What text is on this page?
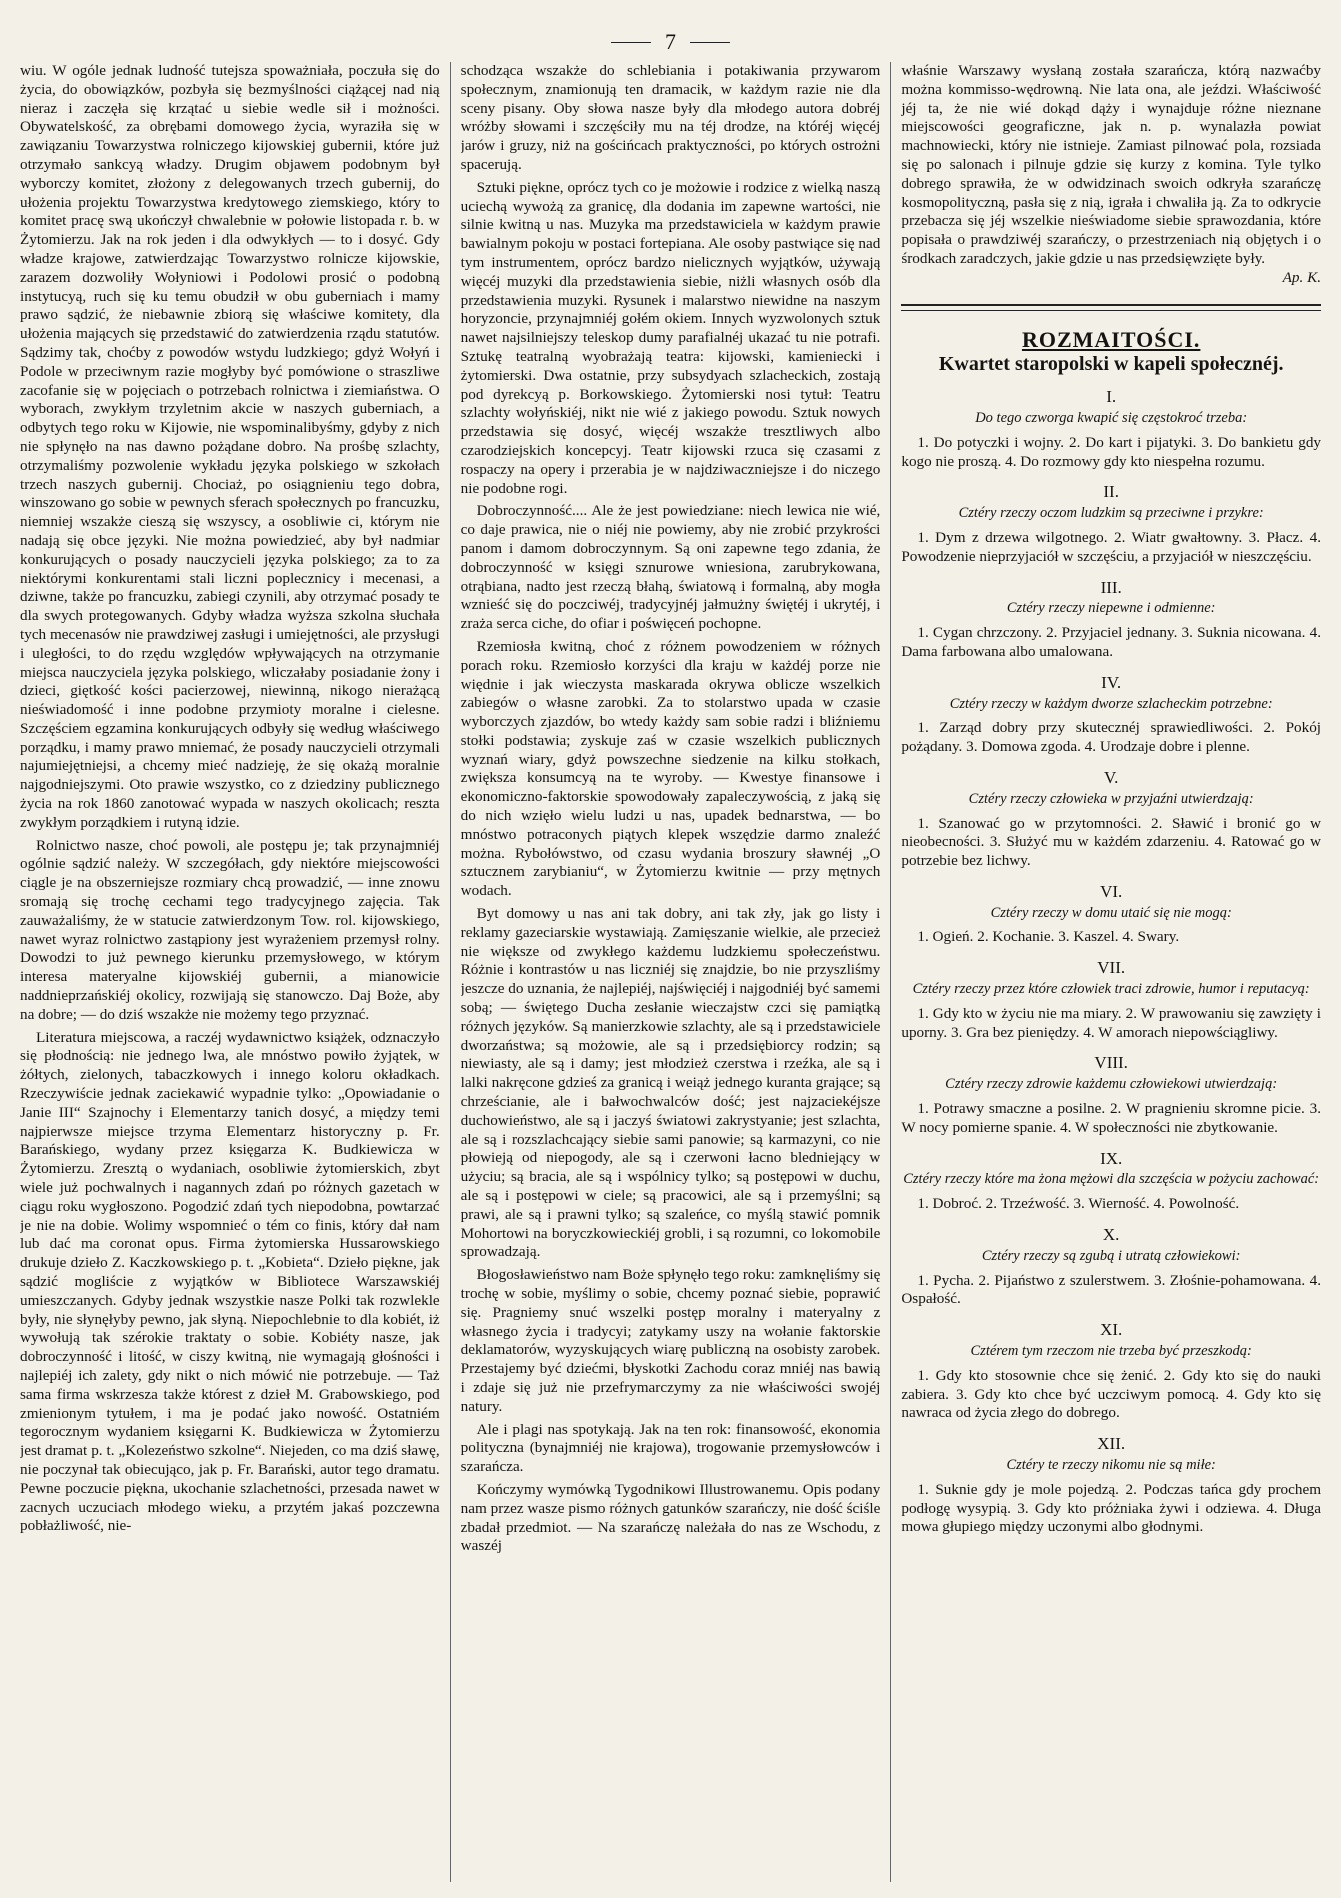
7

wiu. W ogóle jednak ludność tutejsza spoważniała, poczuła się do życia, do obowiązków, pozbyła się bezmyślności ciążącej nad nią nieraz i zaczęła się krzątać u siebie wedle sił i możności. Obywatelskość, za obrębami domowego życia, wyraziła się w zawiązaniu Towarzystwa rolniczego kijowskiej gubernii, które już otrzymało sankcyą władzy. Drugim objawem podobnym był wyborczy komitet, złożony z delegowanych trzech gubernij, do ułożenia projektu Towarzystwa kredytowego ziemskiego, który to komitet pracę swą ukończył chwalebnie w połowie listopada r. b. w Żytomierzu. Jak na rok jeden i dla odwykłych — to i dosyć. Gdy władze krajowe, zatwierdzając Towarzystwo rolnicze kijowskie, zarazem dozwoliły Wołyniowi i Podolowi prosić o podobną instytucyą, ruch się ku temu obudził w obu guberniach i mamy prawo sądzić, że niebawnie zbiorą się właściwe komitety, dla ułożenia mających się przedstawić do zatwierdzenia rządu statutów. Sądzimy tak, choćby z powodów wstydu ludzkiego; gdyż Wołyń i Podole w przeciwnym razie mogłyby być pomówione o straszliwe zacofanie się w pojęciach o potrzebach rolnictwa i ziemiaństwa. O wyborach, zwykłym trzyletnim akcie w naszych guberniach, a odbytych tego roku w Kijowie, nie wspominalibyśmy, gdyby z nich nie spłynęło na nas dawno pożądane dobro. Na prośbę szlachty, otrzymaliśmy pozwolenie wykładu języka polskiego w szkołach trzech naszych gubernij. Chociaż, po osiągnieniu tego dobra, winszowano go sobie w pewnych sferach społecznych po francuzku, niemniej wszakże cieszą się wszyscy, a osobliwie ci, którym nie nadają się obce języki. Nie można powiedzieć, aby był nadmiar konkurujących o posady nauczycieli języka polskiego; za to za niektórymi konkurentami stali liczni poplecznicy i mecenasi, a dziwne, także po francuzku, zabiegi czynili, aby otrzymać posady te dla swych protegowanych. Gdyby władza wyższa szkolna słuchała tych mecenasów nie prawdziwej zasługi i umiejętności, ale przysługi i uległości, to do rzędu względów wpływających na otrzymanie miejsca nauczyciela języka polskiego, wliczałaby posiadanie żony i dzieci, giętkość kości pacierzowej, niewinną, nikogo nierażącą nieświadomość i inne podobne przymioty moralne i cielesne. Szczęściem egzamina konkurujących odbyły się według właściwego porządku, i mamy prawo mniemać, że posady nauczycieli otrzymali najumiejętniejsi, a chcemy mieć nadzieję, że się okażą moralnie najgodniejszymi. Oto prawie wszystko, co z dziedziny publicznego życia na rok 1860 zanotować wypada w naszych okolicach; reszta zwykłym porządkiem i rutyną idzie.

Rolnictwo nasze, choć powoli, ale postępu je; tak przynajmniéj ogólnie sądzić należy. W szczegółach, gdy niektóre miejscowości ciągle je na obszerniejsze rozmiary chcą prowadzić, — inne znowu sromają się trochę cechami tego tradycyjnego zajęcia. Tak zauważaliśmy, że w statucie zatwierdzonym Tow. rol. kijowskiego, nawet wyraz rolnictwo zastąpiony jest wyrażeniem przemysł rolny. Dowodzi to już pewnego kierunku przemysłowego, w którym interesa materyalne kijowskiéj gubernii, a mianowicie naddnieprzańskiéj okolicy, rozwijają się stanowczo. Daj Boże, aby na dobre; — do dziś wszakże nie możemy tego przyznać.

Literatura miejscowa, a raczéj wydawnictwo książek, odznaczyło się płodnością: nie jednego lwa, ale mnóstwo powiło żyjątek, w żółtych, zielonych, tabaczkowych i innego koloru okładkach. Rzeczywiście jednak zaciekawić wypadnie tylko: „Opowiadanie o Janie III“ Szajnochy i Elementarzy tanich dosyć, a między temi najpierwsze miejsce trzyma Elementarz historyczny p. Fr. Barańskiego, wydany przez księgarza K. Budkiewicza w Żytomierzu. Zresztą o wydaniach, osobliwie żytomierskich, zbyt wiele już pochwalnych i nagannych zdań po różnych gazetach w ciągu roku wygłoszono. Pogodzić zdań tych niepodobna, powtarzać je nie na dobie. Wolimy wspomnieć o tém co finis, który dał nam lub dać ma coronat opus. Firma żytomierska Hussarowskiego drukuje dzieło Z. Kaczkowskiego p. t. „Kobieta“. Dzieło piękne, jak sądzić mogliście z wyjątków w Bibliotece Warszawskiéj umieszczanych. Gdyby jednak wszystkie nasze Polki tak rozwlekle były, nie słynęłyby pewno, jak słyną. Niepochlebnie to dla kobiét, iż wywołują tak szérokie traktaty o sobie. Kobiéty nasze, jak dobroczynność i litość, w ciszy kwitną, nie wymagają głośności i najlepiéj ich zalety, gdy nikt o nich mówić nie potrzebuje. — Taż sama firma wskrzesza także którest z dzieł M. Grabowskiego, pod zmienionym tytułem, i ma je podać jako nowość. Ostatniém tegorocznym wydaniem księgarni K. Budkiewicza w Żytomierzu jest dramat p. t. „Kolezeństwo szkolne“. Niejeden, co ma dziś sławę, nie poczynał tak obiecująco, jak p. Fr. Barański, autor tego dramatu. Pewne poczucie piękna, ukochanie szlachetności, przesada nawet w zacnych uczuciach młodego wieku, a przytém jakaś pozczewna pobłażliwość, nie-

schodząca wszakże do schlebiania i potakiwania przywarom społecznym, znamionują ten dramacik, w każdym razie nie dla sceny pisany. Oby słowa nasze były dla młodego autora dobréj wróżby słowami i szczęściły mu na téj drodze, na któréj więcéj jarów i gruzy, niż na gościńcach praktyczności, po których ostrożni spacerują.

Sztuki piękne, oprócz tych co je możowie i rodzice z wielką naszą uciechą wywożą za granicę, dla dodania im zapewne wartości, nie silnie kwitną u nas. Muzyka ma przedstawiciela w każdym prawie bawialnym pokoju w postaci fortepiana. Ale osoby pastwiące się nad tym instrumentem, oprócz bardzo nielicznych wyjątków, używają więcéj muzyki dla przedstawienia siebie, niżli własnych osób dla przedstawienia muzyki. Rysunek i malarstwo niewidne na naszym horyzoncie, przynajmniéj gołém okiem. Innych wyzwolonych sztuk nawet najsilniejszy teleskop dumy parafialnéj ukazać tu nie potrafi. Sztukę teatralną wyobrażają teatra: kijowski, kamieniecki i żytomierski. Dwa ostatnie, przy subsydyach szlacheckich, zostają pod dyrekcyą p. Borkowskiego. Żytomierski nosi tytuł: Teatru szlachty wołyńskiéj, nikt nie wié z jakiego powodu. Sztuk nowych przedstawia się dosyć, więcéj wszakże tresztliwych albo czarodziejskich koncepcyj. Teatr kijowski rzuca się czasami z rospaczy na opery i przerabia je w najdziwaczniejsze i do niczego nie podobne rogi.

Dobroczynność.... Ale że jest powiedziane: niech lewica nie wié, co daje prawica, nie o niéj nie powiemy, aby nie zrobić przykrości panom i damom dobroczynnym. Są oni zapewne tego zdania, że dobroczynność w księgi sznurowe wniesiona, zarubrykowana, otrąbiana, nadto jest rzeczą błahą, światową i formalną, aby mogła wznieść się do poczciwéj, tradycyjnéj jałmużny świętéj i ukrytéj, i zraża serca ciche, do ofiar i poświęceń pochopne.

Rzemiosła kwitną, choć z różnem powodzeniem w różnych porach roku. Rzemiosło korzyści dla kraju w każdéj porze nie więdnie i jak wieczysta maskarada okrywa oblicze wszelkich zabiegów o własne zarobki. Za to stolarstwo upada w czasie wyborczych zjazdów, bo wtedy każdy sam sobie radzi i bliźniemu stołki podstawia; zyskuje zaś w czasie wszelkich publicznych wyznań wiary, gdyż powszechne siedzenie na kilku stołkach, zwiększa konsumcyą na te wyroby. — Kwestye finansowe i ekonomiczno-faktorskie spowodowały zapaleczywością, z jaką się do nich wzięło wielu ludzi u nas, upadek bednarstwa, — bo mnóstwo potraconych piątych klepek wszędzie darmo znaleźć można. Rybołówstwo, od czasu wydania broszury sławnéj „O sztucznem zarybianiu“, w Żytomierzu kwitnie — przy mętnych wodach.

Byt domowy u nas ani tak dobry, ani tak zły, jak go listy i reklamy gazeciarskie wystawiają. Zamięszanie wielkie, ale przecież nie większe od zwykłego każdemu ludzkiemu społeczeństwu. Różnie i kontrastów u nas liczniéj się znajdzie, bo nie przyszliśmy jeszcze do uznania, że najlepiéj, najświęciéj i najgodniéj być samemi sobą; — świętego Ducha zesłanie wieczajstw czci się pamiątką różnych języków. Są manierzkowie szlachty, ale są i przedstawiciele dworzaństwa; są możowie, ale są i przedsiębiorcy rodzin; są niewiasty, ale są i damy; jest młodzież czerstwa i rzeźka, ale są i lalki nakręcone gdzieś za granicą i weiąż jednego kuranta grające; są chrześcianie, ale i bałwochwalców dość; jest najzaciekéjsze duchowieństwo, ale są i jaczyś światowi zakrystyanie; jest szlachta, ale są i rozszlachcający siebie sami panowie; są karmazyni, co nie płowieją od niepogody, ale są i czerwoni łacno bledniejący w użyciu; są bracia, ale są i wspólnicy tylko; są postępowi w duchu, ale są i postępowi w ciele; są pracowici, ale są i przemyślni; są prawi, ale są i prawni tylko; są szaleńce, co myślą stawić pomnik Mohortowi na boryczkowieckiéj grobli, i są rozumni, co lokomobile sprowadzają.

Błogosławieństwo nam Boże spłynęło tego roku: zamknęliśmy się trochę w sobie, myślimy o sobie, chcemy poznać siebie, poprawić się. Pragniemy snuć wszelki postęp moralny i materyalny z własnego życia i tradycyi; zatykamy uszy na wołanie faktorskie deklamatorów, wyzyskujących wiarę publiczną na osobisty zarobek. Przestajemy być dziećmi, błyskotki Zachodu coraz mniéj nas bawią i zdaje się już nie przefrymarczymy za nie właściwości swojéj natury.

Ale i plagi nas spotykają. Jak na ten rok: finansowość, ekonomia polityczna (bynajmniéj nie krajowa), trogowanie przemysłowców i szarańcza.

Kończymy wymówką Tygodnikowi Illustrowanemu. Opis podany nam przez wasze pismo różnych gatunków szarańczy, nie dość ściśle zbadał przedmiot. — Na szarańczę należała do nas ze Wschodu, z waszéj

właśnie Warszawy wysłaną została szarańcza, którą nazwaćby można kommisso-wędrowną. Nie lata ona, ale jeździ. Właściwość jéj ta, że nie wié dokąd dąży i wynajduje różne nieznane miejscowości geograficzne, jak n. p. wynalazła powiat machnowiecki, który nie istnieje. Zamiast pilnować pola, rozsiada się po salonach i pilnuje gdzie się kurzy z komina. Tyle tylko dobrego sprawiła, że w odwidzinach swoich odkryła szarańczę kosmopolityczną, pasła się z nią, igrała i chwaliła ją. Za to odkrycie przebacza się jéj wszelkie nieświadome siebie sprawozdania, które popisała o prawdziwéj szarańczy, o przestrzeniach nią objętych i o środkach zaradczych, jakie gdzie u nas przedsięwzięte były.

Ap. K.
ROZMAITOŚCI.
Kwartet staropolski w kapeli społecznéj.
I.
Do tego czworga kwapić się częstokroć trzeba:

1. Do potyczki i wojny. 2. Do kart i pijatyki. 3. Do bankietu gdy kogo nie proszą. 4. Do rozmowy gdy kto niespełna rozumu.

II.
Cztéry rzeczy oczom ludzkim są przeciwne i przykre:

1. Dym z drzewa wilgotnego. 2. Wiatr gwałtowny. 3. Płacz. 4. Powodzenie nieprzyjaciół w szczęściu, a przyjaciół w nieszczęściu.

III.
Cztéry rzeczy niepewne i odmienne:

1. Cygan chrzczony. 2. Przyjaciel jednany. 3. Suknia nicowana. 4. Dama farbowana albo umalowana.

IV.
Cztéry rzeczy w każdym dworze szlacheckim potrzebne:

1. Zarząd dobry przy skutecznéj sprawiedliwości. 2. Pokój pożądany. 3. Domowa zgoda. 4. Urodzaje dobre i plenne.

V.
Cztéry rzeczy człowieka w przyjaźni utwierdzają:

1. Szanować go w przytomności. 2. Sławić i bronić go w nieobecności. 3. Służyć mu w każdém zdarzeniu. 4. Ratować go w potrzebie bez lichwy.

VI.
Cztéry rzeczy w domu utaić się nie mogą:

1. Ogień. 2. Kochanie. 3. Kaszel. 4. Swary.

VII.
Cztéry rzeczy przez które człowiek traci zdrowie, humor i reputacyą:

1. Gdy kto w życiu nie ma miary. 2. W prawowaniu się zawzięty i uporny. 3. Gra bez pieniędzy. 4. W amorach niepowściągliwy.

VIII.
Cztéry rzeczy zdrowie każdemu człowiekowi utwierdzają:

1. Potrawy smaczne a posilne. 2. W pragnieniu skromne picie. 3. W nocy pomierne spanie. 4. W społeczności nie zbytkowanie.

IX.
Cztéry rzeczy które ma żona mężowi dla szczęścia w pożyciu zachować:

1. Dobroć. 2. Trzeźwość. 3. Wierność. 4. Powolność.

X.
Cztéry rzeczy są zgubą i utratą człowiekowi:

1. Pycha. 2. Pijaństwo z szulerstwem. 3. Złośnie-pohamowana. 4. Ospałość.

XI.
Cztérem tym rzeczom nie trzeba być przeszkodą:

1. Gdy kto stosownie chce się żenić. 2. Gdy kto się do nauki zabiera. 3. Gdy kto chce być uczciwym pomocą. 4. Gdy kto się nawraca od życia złego do dobrego.

XII.
Cztéry te rzeczy nikomu nie są miłe:

1. Suknie gdy je mole pojedzą. 2. Podczas tańca gdy prochem podłogę wysypią. 3. Gdy kto próżniaka żywi i odziewa. 4. Długa mowa głupiego między uczonymi albo głodnymi.
